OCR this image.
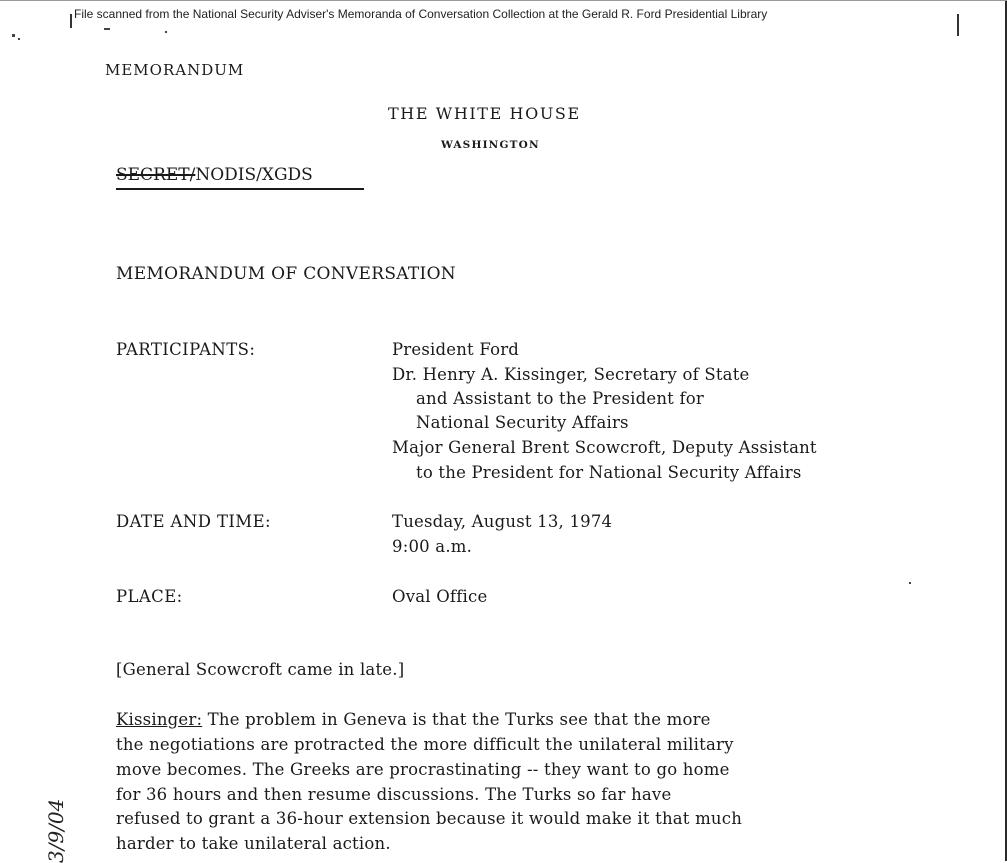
File scanned from the National Security Adviser's Memoranda of Conversation Collection at the Gerald R. Ford Presidential Library
MEMORANDUM
THE WHITE HOUSE
WASHINGTON
SECRET/NODIS/XGDS
MEMORANDUM OF CONVERSATION
PARTICIPANTS:	President Ford
Dr. Henry A. Kissinger, Secretary of State
and Assistant to the President for
National Security Affairs
Major General Brent Scowcroft, Deputy Assistant
to the President for National Security Affairs
DATE AND TIME:	Tuesday, August 13, 1974
9:00 a.m.
PLACE:	Oval Office
[General Scowcroft came in late.]
Kissinger: The problem in Geneva is that the Turks see that the more
the negotiations are protracted the more difficult the unilateral military
move becomes. The Greeks are procrastinating -- they want to go home
for 36 hours and then resume discussions. The Turks so far have
refused to grant a 36-hour extension because it would make it that much
harder to take unilateral action.
3/9/04
